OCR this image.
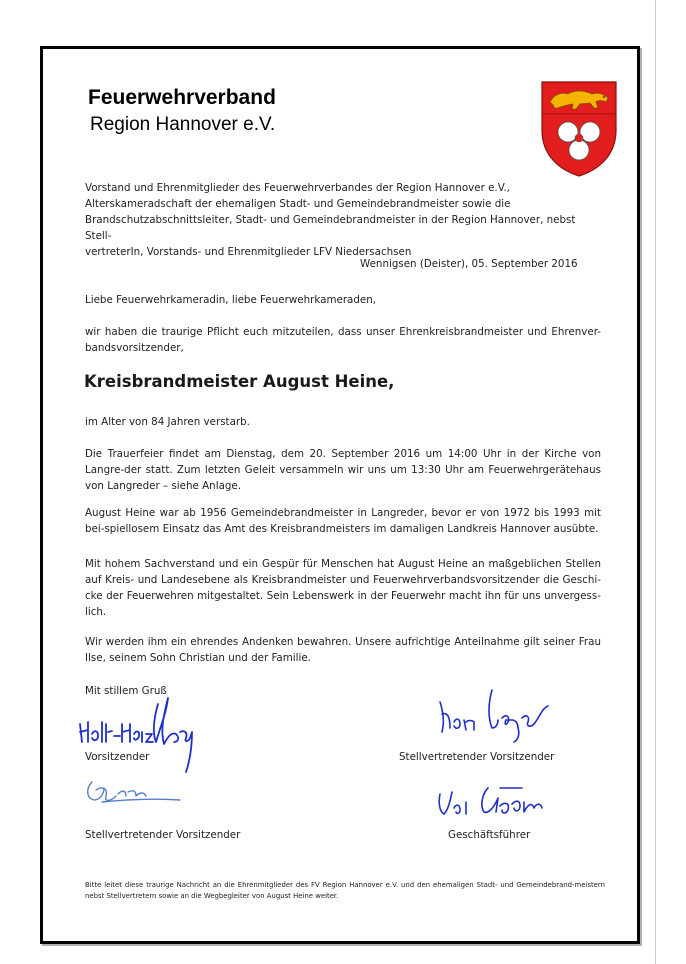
Feuerwehrverband
Region Hannover e.V.
Vorstand und Ehrenmitglieder des Feuerwehrverbandes der Region Hannover e.V.,
Alterskameradschaft der ehemaligen Stadt- und Gemeindebrandmeister sowie die
Brandschutzabschnittsleiter, Stadt- und Gemeindebrandmeister in der Region Hannover, nebst Stell-
vertreterIn, Vorstands- und Ehrenmitglieder LFV Niedersachsen
Wennigsen (Deister), 05. September 2016
Liebe Feuerwehrkameradin, liebe Feuerwehrkameraden,
wir haben die traurige Pflicht euch mitzuteilen, dass unser Ehrenkreisbrandmeister und Ehrenver-bandsvorsitzender,
Kreisbrandmeister August Heine,
im Alter von 84 Jahren verstarb.
Die Trauerfeier findet am Dienstag, dem 20. September 2016 um 14:00 Uhr in der Kirche von Langre-der statt. Zum letzten Geleit versammeln wir uns um 13:30 Uhr am Feuerwehrgerätehaus von Langreder – siehe Anlage.
August Heine war ab 1956 Gemeindebrandmeister in Langreder, bevor er von 1972 bis 1993 mit bei-spiellosem Einsatz das Amt des Kreisbrandmeisters im damaligen Landkreis Hannover ausübte.
Mit hohem Sachverstand und ein Gespür für Menschen hat August Heine an maßgeblichen Stellen auf Kreis- und Landesebene als Kreisbrandmeister und Feuerwehrverbandsvorsitzender die Geschi-cke der Feuerwehren mitgestaltet. Sein Lebenswerk in der Feuerwehr macht ihn für uns unvergess-lich.
Wir werden ihm ein ehrendes Andenken bewahren. Unsere aufrichtige Anteilnahme gilt seiner Frau Ilse, seinem Sohn Christian und der Familie.
Mit stillem Gruß
Vorsitzender	Stellvertretender Vorsitzender
Stellvertretender Vorsitzender	Geschäftsführer
Bitte leitet diese traurige Nachricht an die Ehrenmitglieder des FV Region Hannover e.V. und den ehemaligen Stadt- und Gemeindebrand-meistern nebst Stellvertretern sowie an die Wegbegleiter von August Heine weiter.
